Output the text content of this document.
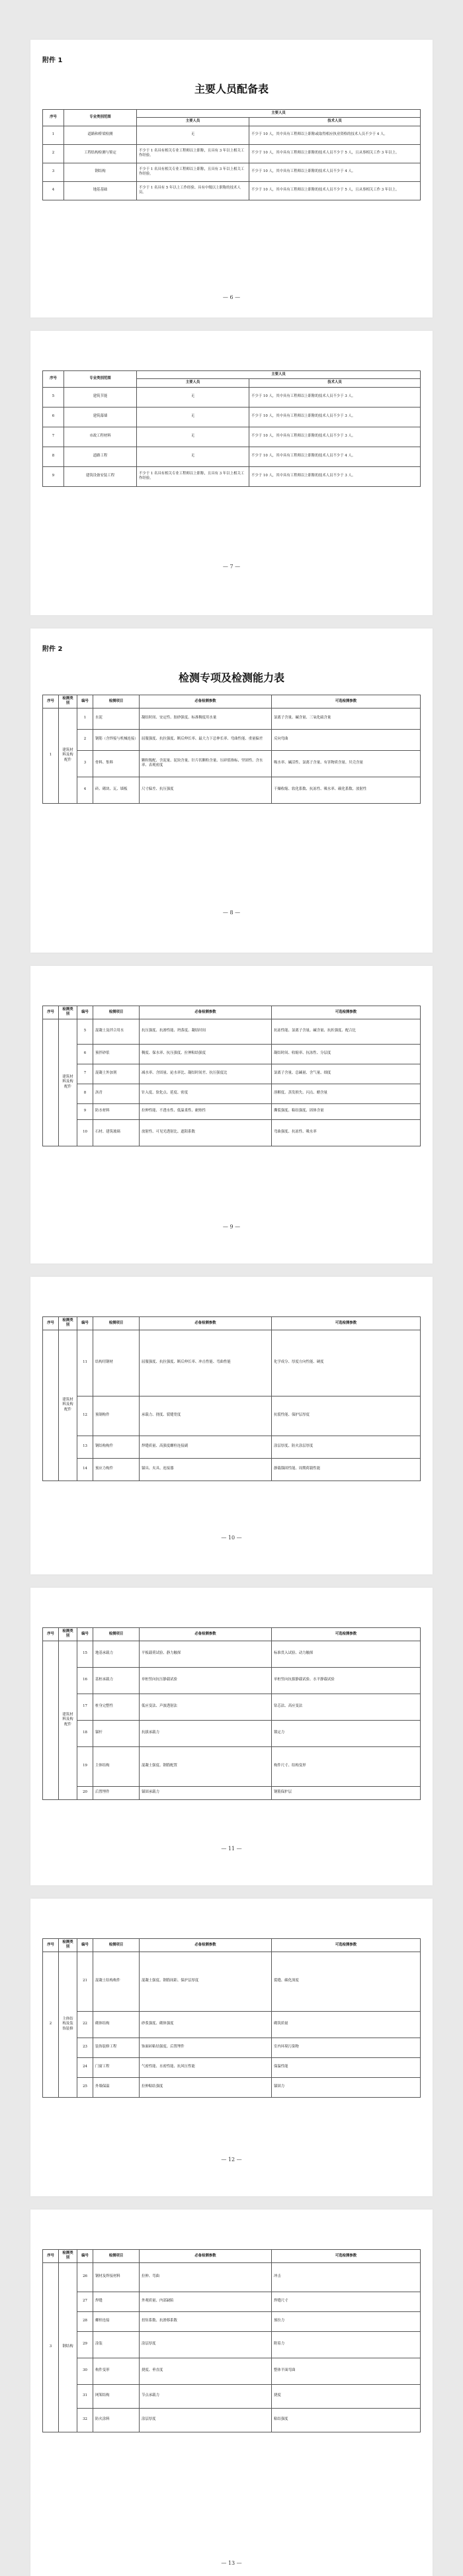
附件 1
主要人员配备表
序号	专业类别范围	主要人员	
		主要人员	技术人员
1	道路和桥梁检测	无	不少于 10 人，其中具有工程师以上职称或取得相应执业资格的技术人员不少于 4 人。
2	工程结构检测与鉴定	不少于 1 名具有相关专业工程师以上职称，且具有 3 年以上相关工作经验。	不少于 10 人，其中具有工程师以上职称的技术人员不少于 5 人，且从事相关工作 3 年以上。
3	钢结构	不少于 1 名具有相关专业工程师以上职称，且具有 3 年以上相关工作经验。	不少于 10 人，其中具有工程师以上职称的技术人员不少于 4 人。
4	地基基础	不少于 1 名具有 5 年以上工作经验、具有中级以上职称的技术人员。	不少于 10 人，其中具有工程师以上职称的技术人员不少于 5 人，且从事相关工作 3 年以上。
— 6 —
序号	专业类别范围	主要人员	
		主要人员	技术人员
5	建筑节能	无	不少于 10 人，其中具有工程师以上职称的技术人员不少于 3 人。
6	建筑幕墙	无	不少于 10 人，其中具有工程师以上职称的技术人员不少于 3 人。
7	市政工程材料	无	不少于 10 人，其中具有工程师以上职称的技术人员不少于 3 人。
8	道路工程	无	不少于 10 人，其中具有工程师以上职称的技术人员不少于 4 人。
9	建筑设备安装工程	不少于 1 名具有相关专业工程师以上职称，且具有 3 年以上相关工作经验。	不少于 10 人，其中具有工程师以上职称的技术人员不少于 3 人。
— 7 —
附件 2
检测专项及检测能力表
序号	检测类别	编号	检测项目	必备检测参数	可选检测参数
1	建筑材料及构配件	1	水泥	凝结时间、安定性、胶砂强度、标准稠度用水量	氯离子含量、碱含量、三氧化硫含量
		2	钢筋（含焊接与机械连接）	屈服强度、抗拉强度、断后伸长率、最大力下总伸长率、弯曲性能、重量偏差	反向弯曲
		3	骨料、集料	颗粒级配、含泥量、泥块含量、针片状颗粒含量、压碎值指标、坚固性、含水率、表观密度	吸水率、碱活性、氯离子含量、有害物质含量、贝壳含量
		4	砖、砌块、瓦、墙板	尺寸偏差、抗压强度	干燥收缩、软化系数、抗冻性、吸水率、碳化系数、放射性
— 8 —
序号	检测类别	编号	检测项目	必备检测参数	可选检测参数
	建筑材料及构配件	5	混凝土及拌合用水	抗压强度、抗渗性能、坍落度、凝结时间	抗冻性能、氯离子含量、碱含量、抗折强度、配合比
		6	预拌砂浆	稠度、保水率、抗压强度、拉伸粘结强度	凝结时间、收缩率、抗冻性、分层度
		7	混凝土外加剂	减水率、含固量、泌水率比、凝结时间差、抗压强度比	氯离子含量、总碱量、含气量、细度
		8	沥青	针入度、软化点、延度、密度	溶解度、蒸发损失、闪点、蜡含量
		9	防水材料	拉伸性能、不透水性、低温柔性、耐热性	撕裂强度、粘结强度、固体含量
		10	石材、建筑玻璃	放射性、可见光透射比、遮阳系数	弯曲强度、抗冻性、吸水率
— 9 —
序号	检测类别	编号	检测项目	必备检测参数	可选检测参数
	建筑材料及构配件	11	结构用钢材	屈服强度、抗拉强度、断后伸长率、冲击性能、弯曲性能	化学成分、厚度方向性能、硬度
		12	预制构件	承载力、挠度、裂缝宽度	抗裂性能、保护层厚度
		13	钢结构构件	焊缝质量、高强度螺栓连接副	涂层厚度、防火涂层厚度
		14	预应力构件	锚具、夹具、连接器	静载锚固性能、周期荷载性能
— 10 —
序号	检测类别	编号	检测项目	必备检测参数	可选检测参数
	建筑材料及构配件	15	地基承载力	平板载荷试验、静力触探	标准贯入试验、动力触探
		16	基桩承载力	单桩竖向抗压静载试验	单桩竖向抗拔静载试验、水平静载试验
		17	桩身完整性	低应变法、声波透射法	钻芯法、高应变法
		18	锚杆	抗拔承载力	锁定力
		19	主体结构	混凝土强度、钢筋配置	构件尺寸、结构变形
		20	后置埋件	锚固承载力	钢筋保护层
— 11 —
序号	检测类别	编号	检测项目	必备检测参数	可选检测参数
2	主体结构及装饰装修	21	混凝土结构构件	混凝土强度、钢筋间距、保护层厚度	裂缝、碳化深度
		22	砌体结构	砂浆强度、砌体强度	砌筑质量
		23	装饰装修工程	饰面砖粘结强度、后置埋件	室内环境污染物
		24	门窗工程	气密性能、水密性能、抗风压性能	保温性能
		25	外墙保温	拉伸粘结强度	锚固力
— 12 —
序号	检测类别	编号	检测项目	必备检测参数	可选检测参数
3	钢结构	26	钢材及焊接材料	拉伸、弯曲	冲击
		27	焊缝	外观质量、内部缺陷	焊缝尺寸
		28	螺栓连接	扭矩系数、抗滑移系数	预拉力
		29	涂装	涂层厚度	附着力
		30	构件变形	挠度、垂直度	整体平面弯曲
		31	网架结构	节点承载力	挠度
		32	防火涂料	涂层厚度	粘结强度
— 13 —
